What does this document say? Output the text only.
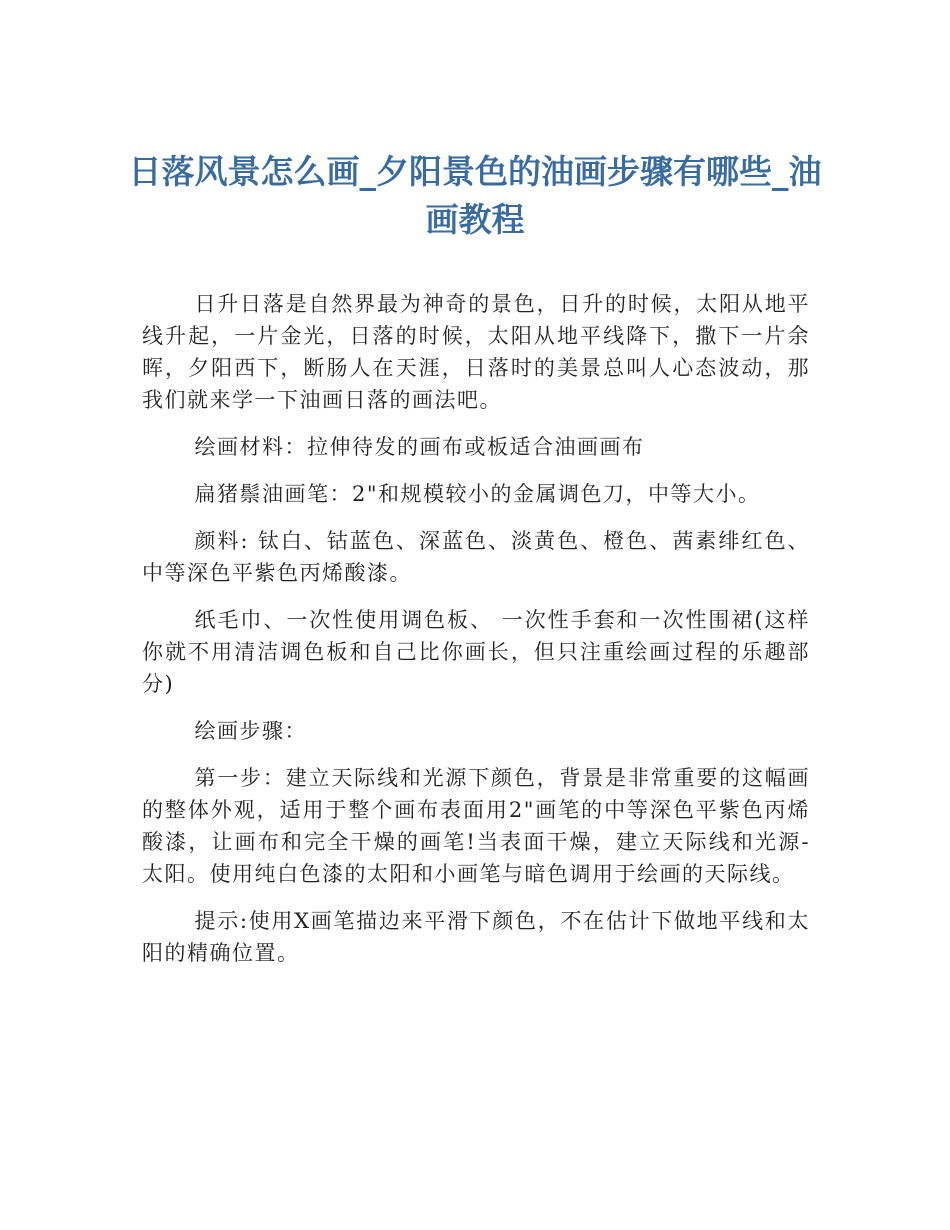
日落风景怎么画_夕阳景色的油画步骤有哪些_油画教程

日升日落是自然界最为神奇的景色，日升的时候，太阳从地平线升起，一片金光，日落的时候，太阳从地平线降下，撒下一片余晖，夕阳西下，断肠人在天涯，日落时的美景总叫人心态波动，那我们就来学一下油画日落的画法吧。

绘画材料：拉伸待发的画布或板适合油画画布

扁猪鬃油画笔：2"和规模较小的金属调色刀，中等大小。

颜料: 钛白、钴蓝色、深蓝色、淡黄色、橙色、茜素绯红色、中等深色平紫色丙烯酸漆。

纸毛巾、一次性使用调色板、 一次性手套和一次性围裙(这样你就不用清洁调色板和自己比你画长，但只注重绘画过程的乐趣部分)

绘画步骤：

第一步：建立天际线和光源下颜色，背景是非常重要的这幅画的整体外观，适用于整个画布表面用2"画笔的中等深色平紫色丙烯酸漆，让画布和完全干燥的画笔!当表面干燥，建立天际线和光源-太阳。使用纯白色漆的太阳和小画笔与暗色调用于绘画的天际线。

提示:使用X画笔描边来平滑下颜色，不在估计下做地平线和太阳的精确位置。
